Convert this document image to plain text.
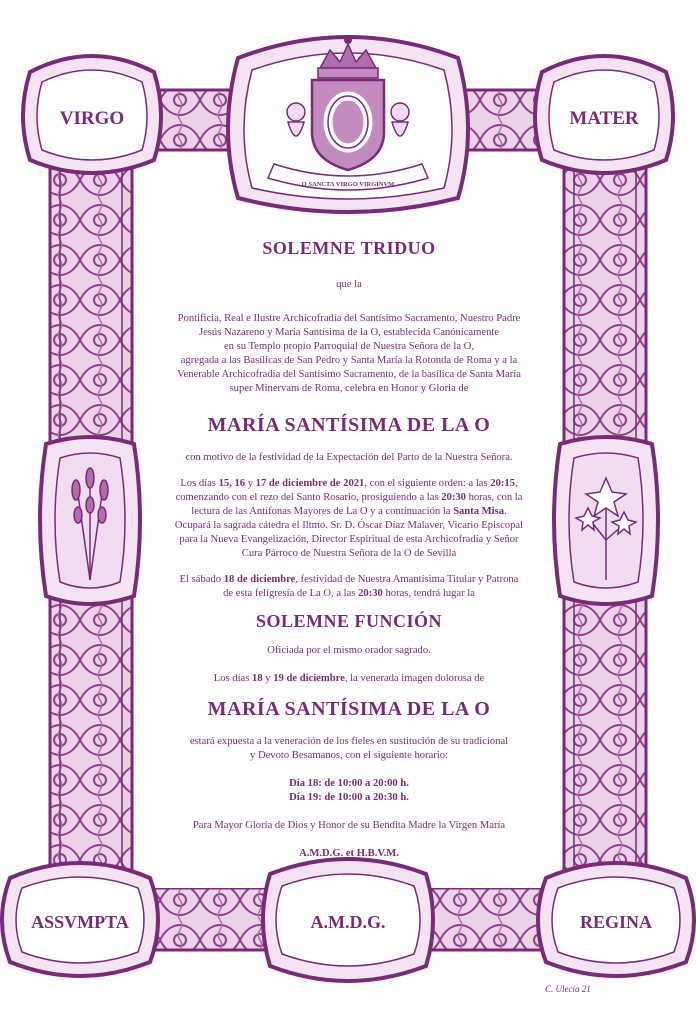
VIRGO	MATER
ASSVMPTA	A.M.D.G.	REGINA
O SANCTA VIRGO VIRGINVM
C. Ulecia 21

SOLEMNE TRIDUO

que la

Pontificia, Real e Ilustre Archicofradía del Santísimo Sacramento, Nuestro Padre

Jesús Nazareno y María Santísima de la O, establecida Canónicamente

en su Templo propio Parroquial de Nuestra Señora de la O,

agregada a las Basílicas de San Pedro y Santa María la Rotonda de Roma y a la

Venerable Archicofradía del Santísimo Sacramento, de la basílica de Santa María

super Minervam de Roma, celebra en Honor y Gloria de

MARÍA SANTÍSIMA DE LA O

con motivo de la festividad de la Expectación del Parto de la Nuestra Señora.

Los días 15, 16 y 17 de diciembre de 2021, con el siguiente orden: a las 20:15,

comenzando con el rezo del Santo Rosario, prosiguiendo a las 20:30 horas, con la

lectura de las Antífonas Mayores de La O y a continuación la Santa Misa.

Ocupará la sagrada cátedra el Iltmo. Sr. D. Óscar Díaz Malaver, Vicario Episcopal

para la Nueva Evangelización, Director Espiritual de esta Archicofradía y Señor

Cura Párroco de Nuestra Señora de la O de Sevilla

El sábado 18 de diciembre, festividad de Nuestra Amantísima Titular y Patrona

de esta feligresía de La O, a las 20:30 horas, tendrá lugar la

SOLEMNE FUNCIÓN

Oficiada por el mismo orador sagrado.

Los días 18 y 19 de diciembre, la venerada imagen dolorosa de

MARÍA SANTÍSIMA DE LA O

estará expuesta a la veneración de los fieles en sustitución de su tradicional

y Devoto Besamanos, con el siguiente horario:

Día 18: de 10:00 a 20:00 h.

Día 19: de 10:00 a 20:30 h.

Para Mayor Gloria de Dios y Honor de su Bendita Madre la Virgen María

A.M.D.G. et H.B.V.M.
